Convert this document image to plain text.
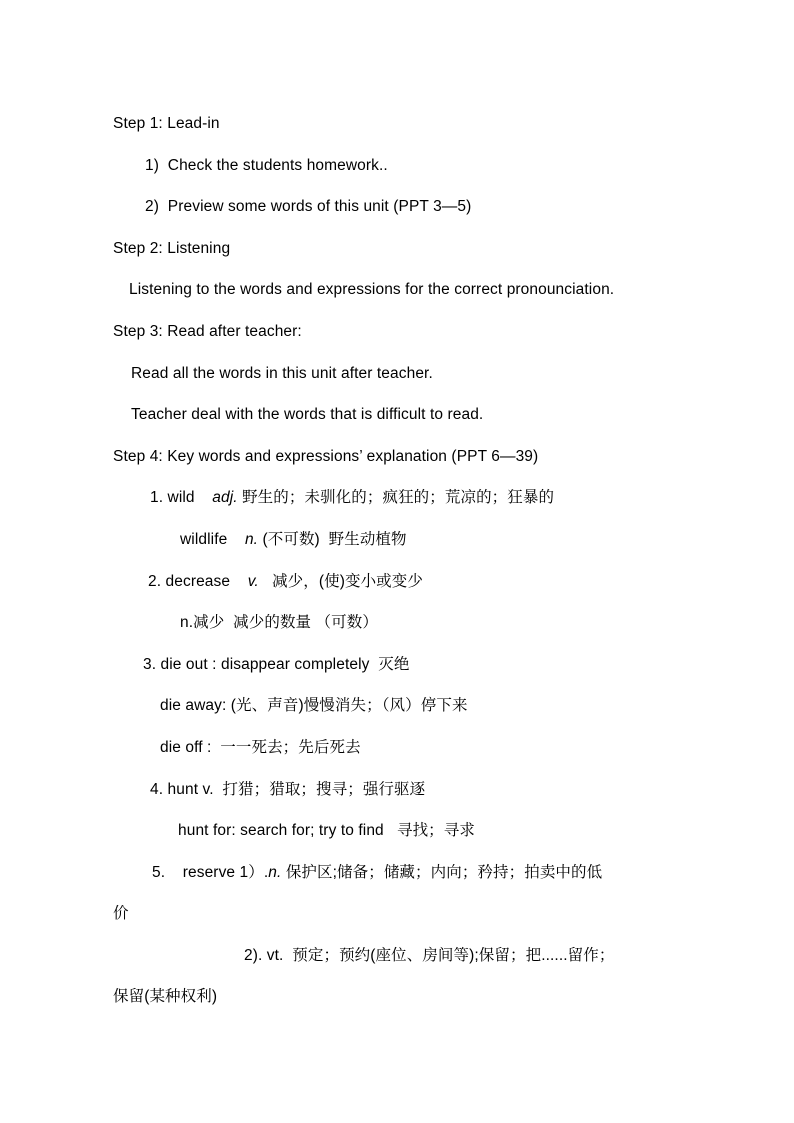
Step 1: Lead-in
1)  Check the students homework..
2)  Preview some words of this unit (PPT 3—5)
Step 2: Listening
Listening to the words and expressions for the correct pronounciation.
Step 3: Read after teacher:
Read all the words in this unit after teacher.
Teacher deal with the words that is difficult to read.
Step 4: Key words and expressions’ explanation (PPT 6—39)
1. wild    adj. 野生的；未驯化的；疯狂的；荒凉的；狂暴的
wildlife    n. (不可数)  野生动植物
2. decrease    v.   减少，(使)变小或变少
n.减少  减少的数量 （可数）
3. die out : disappear completely  灭绝
die away: (光、声音)慢慢消失；（风）停下来
die off :  一一死去；先后死去
4. hunt v.  打猎；猎取；搜寻；强行驱逐
hunt for: search for; try to find   寻找；寻求
5.    reserve 1）.n. 保护区;储备；储藏；内向；矜持；拍卖中的低
价
2). vt.  预定；预约(座位、房间等);保留；把......留作；
保留(某种权利)
